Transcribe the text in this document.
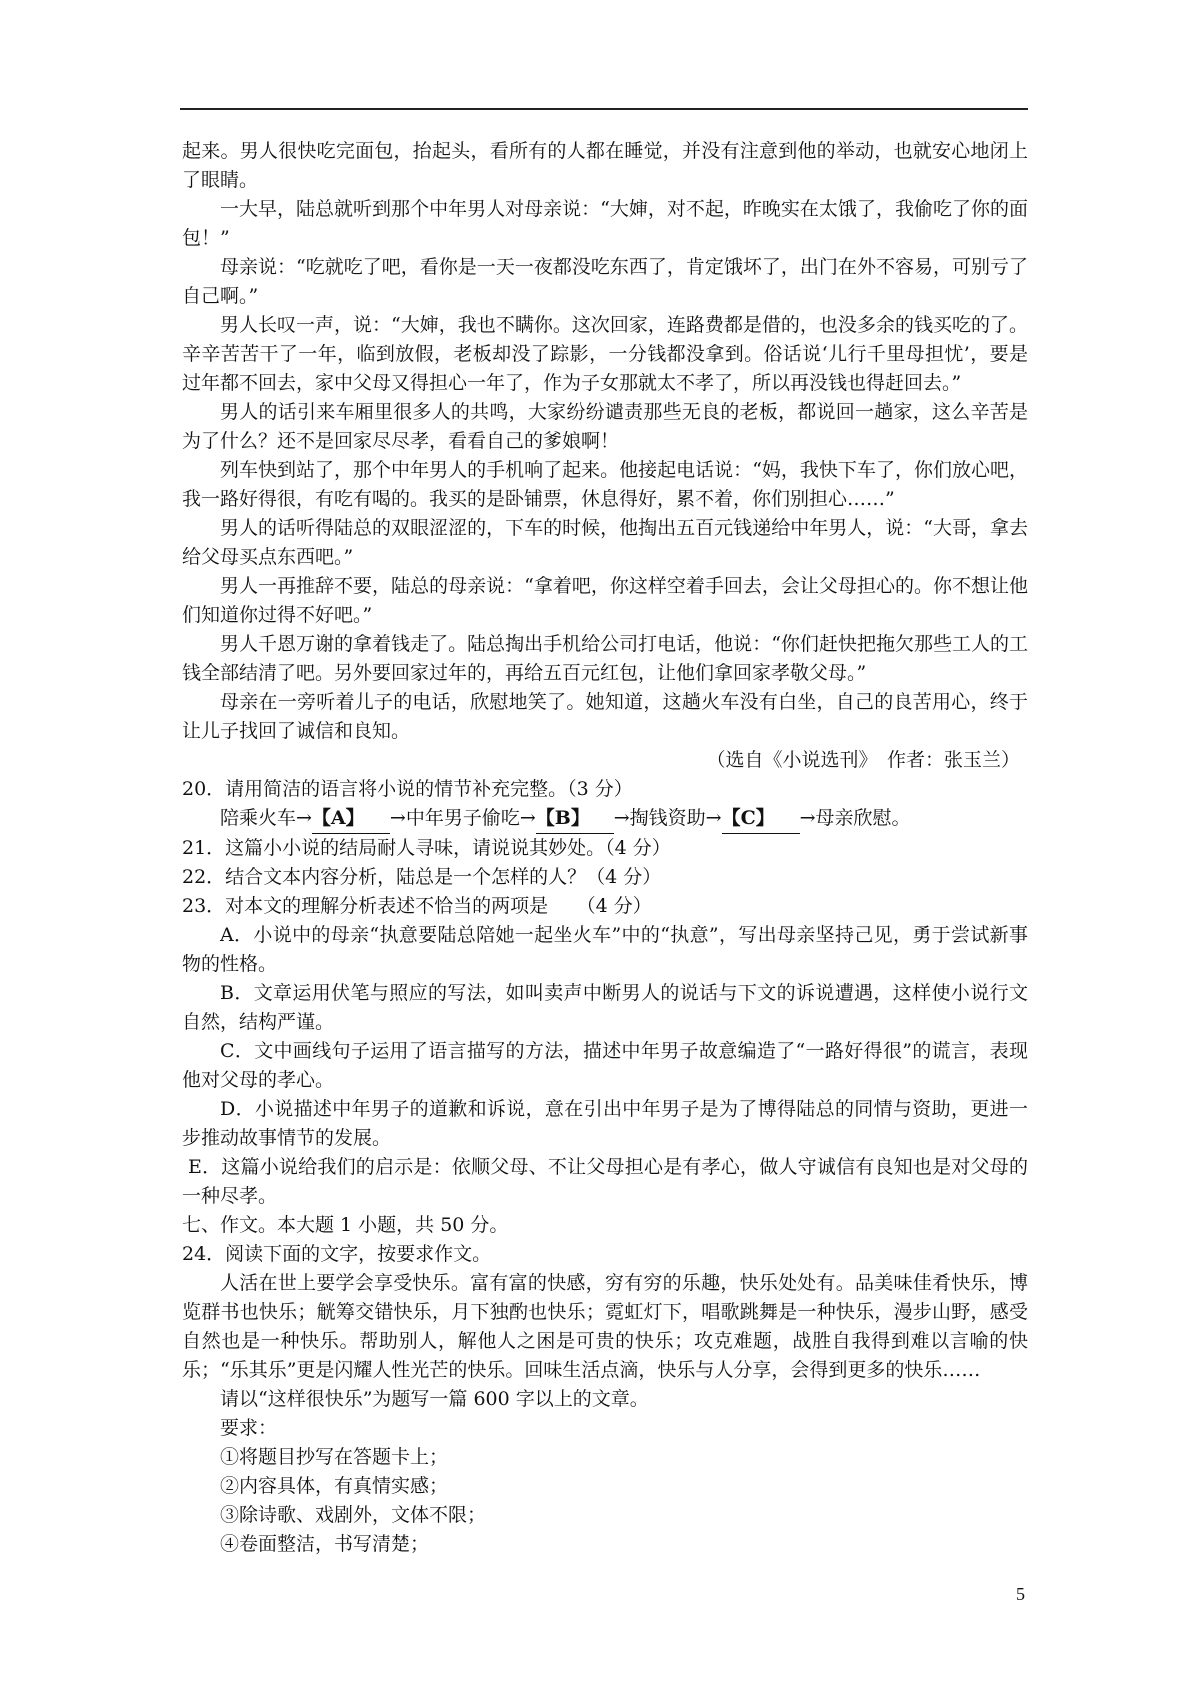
起来。男人很快吃完面包，抬起头，看所有的人都在睡觉，并没有注意到他的举动，也就安心地闭上了眼睛。

一大早，陆总就听到那个中年男人对母亲说：“大婶，对不起，昨晚实在太饿了，我偷吃了你的面包！”

母亲说：“吃就吃了吧，看你是一天一夜都没吃东西了，肯定饿坏了，出门在外不容易，可别亏了自己啊。”

男人长叹一声，说：“大婶，我也不瞒你。这次回家，连路费都是借的，也没多余的钱买吃的了。辛辛苦苦干了一年，临到放假，老板却没了踪影，一分钱都没拿到。俗话说‘儿行千里母担忧’，要是过年都不回去，家中父母又得担心一年了，作为子女那就太不孝了，所以再没钱也得赶回去。”

男人的话引来车厢里很多人的共鸣，大家纷纷谴责那些无良的老板，都说回一趟家，这么辛苦是为了什么？还不是回家尽尽孝，看看自己的爹娘啊！

列车快到站了，那个中年男人的手机响了起来。他接起电话说：“妈，我快下车了，你们放心吧，我一路好得很，有吃有喝的。我买的是卧铺票，休息得好，累不着，你们别担心……”

男人的话听得陆总的双眼涩涩的，下车的时候，他掏出五百元钱递给中年男人，说：“大哥，拿去给父母买点东西吧。”

男人一再推辞不要，陆总的母亲说：“拿着吧，你这样空着手回去，会让父母担心的。你不想让他们知道你过得不好吧。”

男人千恩万谢的拿着钱走了。陆总掏出手机给公司打电话，他说：“你们赶快把拖欠那些工人的工钱全部结清了吧。另外要回家过年的，再给五百元红包，让他们拿回家孝敬父母。”

母亲在一旁听着儿子的电话，欣慰地笑了。她知道，这趟火车没有白坐，自己的良苦用心，终于让儿子找回了诚信和良知。

（选自《小说选刊》　作者：张玉兰）

20．请用简洁的语言将小说的情节补充完整。（3 分）

陪乘火车→【A】 →中年男子偷吃→【B】 →掏钱资助→【C】 →母亲欣慰。

21．这篇小小说的结局耐人寻味，请说说其妙处。（4 分）

22．结合文本内容分析，陆总是一个怎样的人？（4 分）

23．对本文的理解分析表述不恰当的两项是　　（4 分）

A．小说中的母亲“执意要陆总陪她一起坐火车”中的“执意”，写出母亲坚持己见，勇于尝试新事物的性格。

B．文章运用伏笔与照应的写法，如叫卖声中断男人的说话与下文的诉说遭遇，这样使小说行文自然，结构严谨。

C．文中画线句子运用了语言描写的方法，描述中年男子故意编造了“一路好得很”的谎言，表现他对父母的孝心。

D．小说描述中年男子的道歉和诉说，意在引出中年男子是为了博得陆总的同情与资助，更进一步推动故事情节的发展。

E．这篇小说给我们的启示是：依顺父母、不让父母担心是有孝心，做人守诚信有良知也是对父母的一种尽孝。

七、作文。本大题 1 小题，共 50 分。

24．阅读下面的文字，按要求作文。

人活在世上要学会享受快乐。富有富的快感，穷有穷的乐趣，快乐处处有。品美味佳肴快乐，博览群书也快乐；觥筹交错快乐，月下独酌也快乐；霓虹灯下，唱歌跳舞是一种快乐，漫步山野，感受自然也是一种快乐。帮助别人，解他人之困是可贵的快乐；攻克难题，战胜自我得到难以言喻的快乐；“乐其乐”更是闪耀人性光芒的快乐。回味生活点滴，快乐与人分享，会得到更多的快乐……

请以“这样很快乐”为题写一篇 600 字以上的文章。

要求：

①将题目抄写在答题卡上；

②内容具体，有真情实感；

③除诗歌、戏剧外，文体不限；

④卷面整洁，书写清楚；

5
